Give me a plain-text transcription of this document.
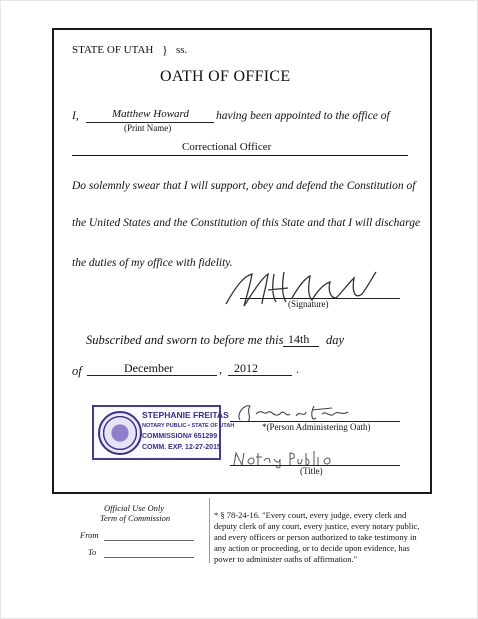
STATE OF UTAH } ss.
OATH OF OFFICE
I,	Matthew Howard
(Print Name)
having been appointed to the office of
Correctional Officer
Do solemnly swear that I will support, obey and defend the Constitution of
the United States and the Constitution of this State and that I will discharge
the duties of my office with fidelity.
(Signature)
Subscribed and sworn to before me this 14th day
of	December	, 2012	.
STEPHANIE FREITAS
NOTARY PUBLIC • STATE OF UTAH
COMMISSION# 651299
COMM. EXP. 12-27-2015
*(Person Administering Oath)
(Title)
Official Use Only
Term of Commission
From
To
* § 78-24-16. "Every court, every judge, every clerk and
deputy clerk of any court, every justice, every notary public,
and every officers or person authorized to take testimony in
any action or proceeding, or to decide upon evidence, has
power to administer oaths of affirmation."
